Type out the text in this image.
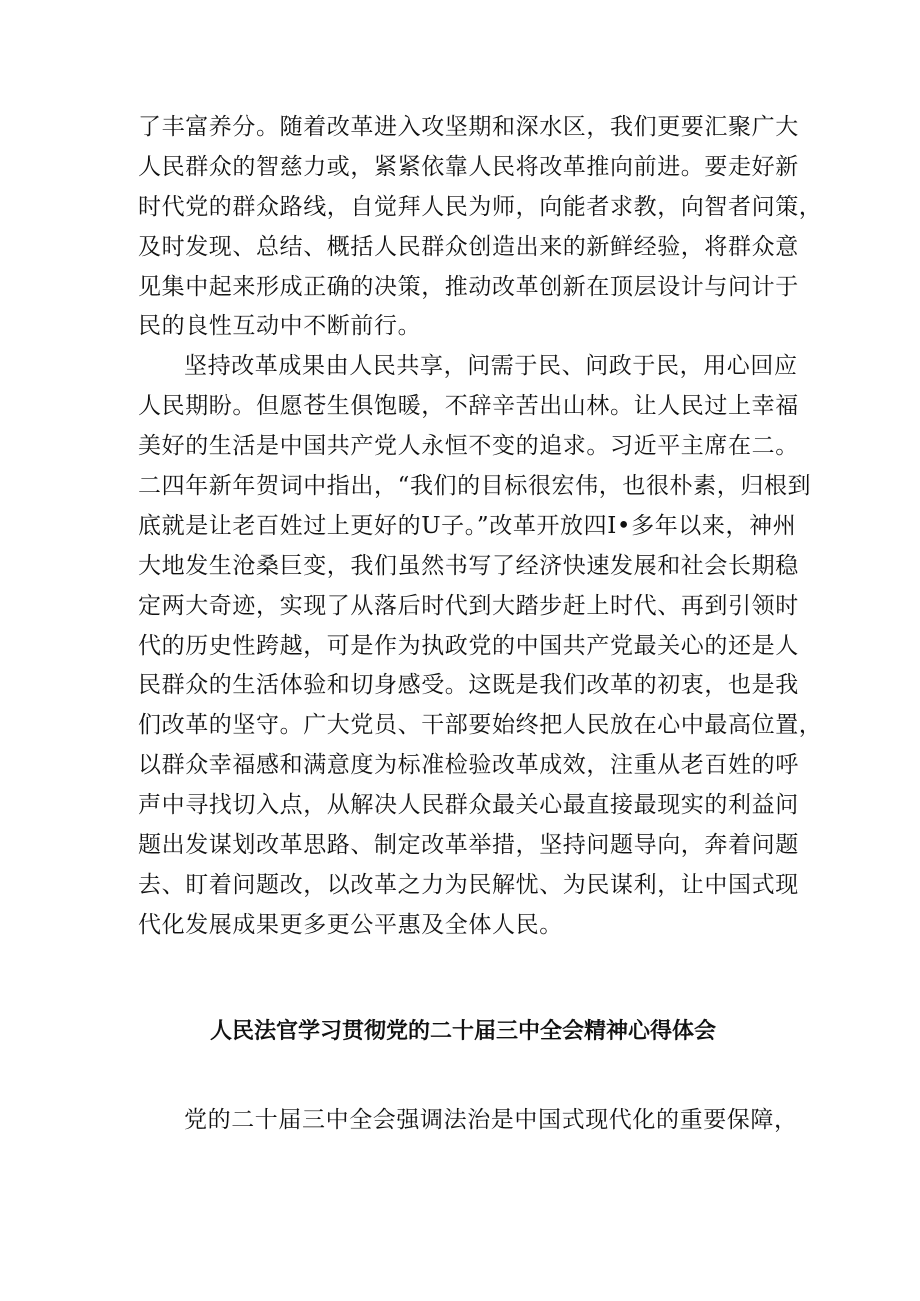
了丰富养分。随着改革进入攻坚期和深水区，我们更要汇聚广大

人民群众的智慈力或，紧紧依靠人民将改革推向前进。要走好新

时代党的群众路线，自觉拜人民为师，向能者求教，向智者问策，

及时发现、总结、概括人民群众创造出来的新鲜经验，将群众意

见集中起来形成正确的决策，推动改革创新在顶层设计与问计于

民的良性互动中不断前行。

坚持改革成果由人民共享，问需于民、问政于民，用心回应

人民期盼。但愿苍生俱饱暖，不辞辛苦出山林。让人民过上幸福

美好的生活是中国共产党人永恒不变的追求。习近平主席在二。

二四年新年贺词中指出，“我们的目标很宏伟，也很朴素，归根到

底就是让老百姓过上更好的U子。”改革开放四I•多年以来，神州

大地发生沧桑巨变，我们虽然书写了经济快速发展和社会长期稳

定两大奇迹，实现了从落后时代到大踏步赶上时代、再到引领时

代的历史性跨越，可是作为执政党的中国共产党最关心的还是人

民群众的生活体验和切身感受。这既是我们改革的初衷，也是我

们改革的坚守。广大党员、干部要始终把人民放在心中最高位置，

以群众幸福感和满意度为标准检验改革成效，注重从老百姓的呼

声中寻找切入点，从解决人民群众最关心最直接最现实的利益问

题出发谋划改革思路、制定改革举措，坚持问题导向，奔着问题

去、盯着问题改，以改革之力为民解忧、为民谋利，让中国式现

代化发展成果更多更公平惠及全体人民。

人民法官学习贯彻党的二十届三中全会精神心得体会

党的二十届三中全会强调法治是中国式现代化的重要保障，
